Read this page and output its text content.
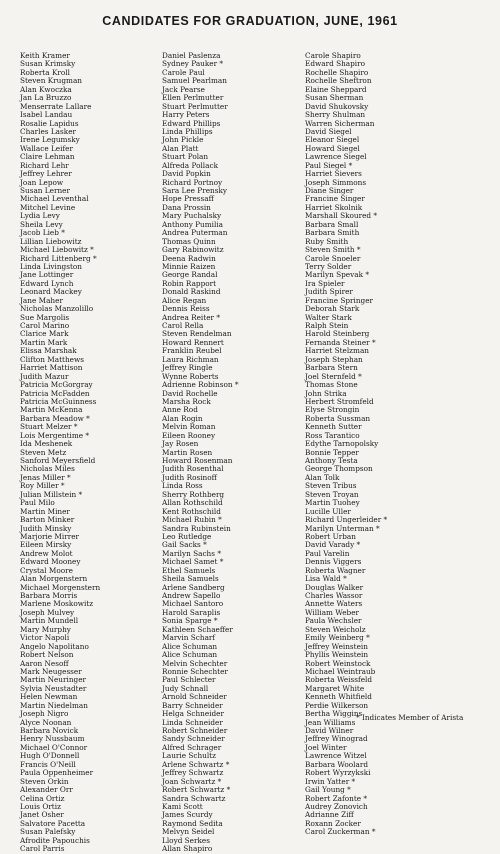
CANDIDATES FOR GRADUATION, JUNE, 1961
Keith Kramer
Susan Krimsky
Roberta Kroll
Steven Krugman
Alan Kwoczka
Jan La Bruzzo
Menserrate Lallare
Isabel Landau
Rosalie Lapidus
Charles Lasker
Irene Legumsky
Wallace Leifer
Claire Lehman
Richard Lehr
Jeffrey Lehrer
Joan Lepow
Susan Lerner
Michael Leventhal
Mitchel Levine
Lydia Levy
Sheila Levy
Jacob Lieb *
Lillian Liebowitz
Michael Liebowitz *
Richard Littenberg *
Linda Livingston
Jane Lottinger
Edward Lynch
Leonard Mackey
Jane Maher
Nicholas Manzolillo
Sue Margolis
Carol Marino
Clarice Mark
Martin Mark
Elissa Marshak
Clifton Matthews
Harriet Mattison
Judith Mazur
Patricia McGorgray
Patricia McFadden
Patricia McGuinness
Martin McKenna
Barbara Meadow *
Stuart Melzer *
Lois Mergentime *
Ida Meshenek
Steven Metz
Sanford Meyersfield
Nicholas Miles
Jenas Miller *
Roy Miller *
Julian Millstein *
Paul Milo
Martin Miner
Barton Minker
Judith Minsky
Marjorie Mirrer
Eileen Mirsky
Andrew Molot
Edward Mooney
Crystal Moore
Alan Morgenstern
Michael Morgenstern
Barbara Morris
Marlene Moskowitz
Joseph Mulvey
Martin Mundell
Mary Murphy
Victor Napoli
Angelo Napolitano
Robert Nelson
Aaron Nesoff
Mark Neugesser
Martin Neuringer
Sylvia Neustadter
Helen Newman
Martin Niedelman
Joseph Nigro
Alyce Noonan
Barbara Novick
Henry Nussbaum
Michael O'Connor
Hugh O'Donnell
Francis O'Neill
Paula Oppenheimer
Steven Orkin
Alexander Orr
Celina Ortiz
Louis Ortiz
Janet Osher
Salvatore Pacetta
Susan Palefsky
Afrodite Papouchis
Carol Parris
Daniel Paslenza
Sydney Pauker *
Carole Paul
Samuel Pearlman
Jack Pearse
Ellen Perlmutter
Stuart Perlmutter
Harry Peters
Edward Phillips
Linda Phillips
John Pickle
Alan Platt
Stuart Polan
Alfreda Pollack
David Popkin
Richard Portnoy
Sara Lee Prensky
Hope Pressaff
Dana Prossin
Mary Puchalsky
Anthony Pumilia
Andrea Puterman
Thomas Quinn
Gary Rabinowitz
Deena Radwin
Minnie Raizen
George Randal
Robin Rapport
Donald Raskind
Alice Regan
Dennis Reiss
Andrea Reiter *
Carol Rella
Steven Rendelman
Howard Rennert
Franklin Reubel
Laura Richman
Jeffrey Ringle
Wynne Roberts
Adrienne Robinson *
David Rochelle
Marsha Rock
Anne Rod
Alan Rogin
Melvin Roman
Eileen Rooney
Jay Rosen
Martin Rosen
Howard Rosenman
Judith Rosenthal
Judith Rosinoff
Linda Ross
Sherry Rothberg
Allan Rothschild
Kent Rothschild
Michael Rubin *
Sandra Rubinstein
Leo Rutledge
Gail Sacks *
Marilyn Sachs *
Michael Samet *
Ethel Samuels
Sheila Samuels
Arlene Sandberg
Andrew Sapello
Michael Santoro
Harold Saraplis
Sonia Sparge *
Kathleen Schaeffer
Marvin Scharf
Alice Schuman
Alice Schuman
Melvin Schechter
Ronnie Schechter
Paul Schlecter
Judy Schnall
Arnold Schneider
Barry Schneider
Helga Schneider
Linda Schneider
Robert Schneider
Sandy Schneider
Alfred Schrager
Laurie Schultz
Arlene Schwartz *
Jeffrey Schwartz
Joan Schwartz *
Robert Schwartz *
Sandra Schwartz
Kami Scott
James Scurdy
Raymond Sedita
Melvyn Seidel
Lloyd Serkes
Allan Shapiro
Carole Shapiro
Edward Shapiro
Rochelle Shapiro
Rochelle Sheftron
Elaine Sheppard
Susan Sherman
David Shukovsky
Sherry Shulman
Warren Sicherman
David Siegel
Eleanor Siegel
Howard Siegel
Lawrence Siegel
Paul Siegel *
Harriet Sievers
Joseph Simmons
Diane Singer
Francine Singer
Harriet Skolnik
Marshall Skoured *
Barbara Small
Barbara Smith
Ruby Smith
Steven Smith *
Carole Snoeler
Terry Solder
Marilyn Spevak *
Ira Spieler
Judith Spirer
Francine Springer
Deborah Stark
Walter Stark
Ralph Stein
Harold Steinberg
Fernanda Steiner *
Harriet Stelzman
Joseph Stephan
Barbara Stern
Joel Sternfeld *
Thomas Stone
John Strika
Herbert Stromfeld
Elyse Strongin
Roberta Sussman
Kenneth Sutter
Ross Tarantico
Edythe Tarnopolsky
Bonnie Tepper
Anthony Testa
George Thompson
Alan Tolk
Steven Tribus
Steven Troyan
Martin Tuohey
Lucille Uller
Richard Ungerleider *
Marilyn Unterman *
Robert Urban
David Varady *
Paul Varelin
Dennis Viggers
Roberta Wagner
Lisa Wald *
Douglas Walker
Charles Wassor
Annette Waters
William Weber
Paula Wechsler
Steven Weicholz
Emily Weinberg *
Jeffrey Weinstein
Phyllis Weinstein
Robert Weinstock
Michael Weintraub
Roberta Weissfeld
Margaret White
Kenneth Whitfield
Perdie Wilkerson
Bertha Wiggins
Jean Williams
David Wilner
Jeffrey Winograd
Joel Winter
Lawrence Witzel
Barbara Woolard
Robert Wyrzykski
Irwin Yatter *
Gail Young *
Robert Zafonte *
Audrey Zonovich
Adrianne Ziff
Roxann Zocker
Carol Zuckerman *
* Indicates Member of Arista
